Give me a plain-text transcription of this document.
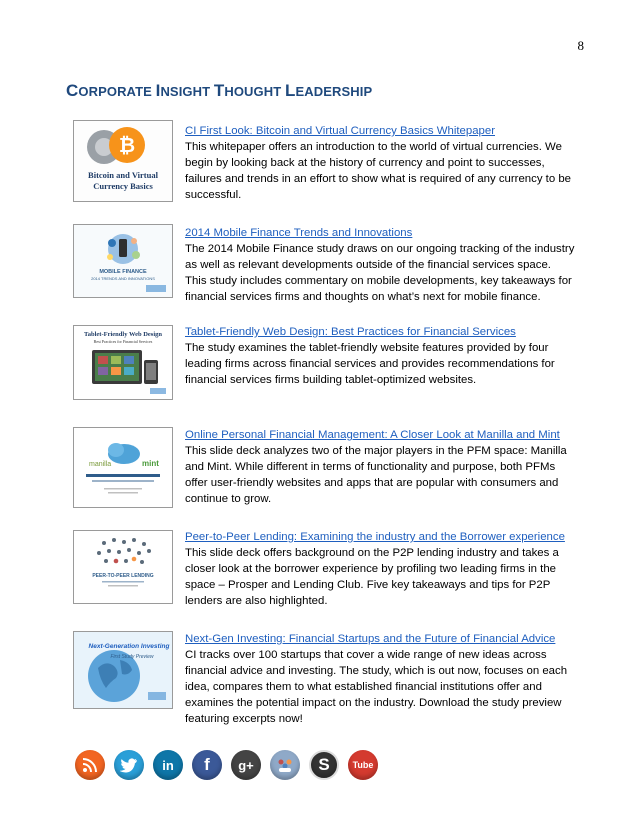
8
CORPORATE INSIGHT THOUGHT LEADERSHIP
₿
Bitcoin and Virtual
Currency Basics
CI First Look: Bitcoin and Virtual Currency Basics Whitepaper

This whitepaper offers an introduction to the world of virtual currencies. We begin by looking back at the history of currency and point to successes, failures and trends in an effort to show what is required of any currency to be successful.

MOBILE FINANCE
2014 TRENDS AND INNOVATIONS
2014 Mobile Finance Trends and Innovations

The 2014 Mobile Finance study draws on our ongoing tracking of the industry as well as relevant developments outside of the financial services space. This study includes commentary on mobile developments, key takeaways for financial services firms and thoughts on what’s next for mobile finance.

Tablet-Friendly Web Design
Best Practices for Financial Services
Tablet-Friendly Web Design: Best Practices for Financial Services

The study examines the tablet-friendly website features provided by four leading firms across financial services and provides recommendations for financial services firms building tablet-optimized websites.

manilla	mint
Online Personal Financial Management: A Closer Look at Manilla and Mint

This slide deck analyzes two of the major players in the PFM space: Manilla and Mint. While different in terms of functionality and purpose, both PFMs offer user-friendly websites and apps that are popular with consumers and continue to grow.

PEER-TO-PEER LENDING
Peer-to-Peer Lending: Examining the industry and the Borrower experience

This slide deck offers background on the P2P lending industry and takes a closer look at the borrower experience by profiling two leading firms in the space – Prosper and Lending Club. Five key takeaways and tips for P2P lenders are also highlighted.

Next-Generation Investing
First Study Preview
Next-Gen Investing: Financial Startups and the Future of Financial Advice

CI tracks over 100 startups that cover a wide range of new ideas across financial advice and investing. The study, which is out now, focuses on each idea, compares them to what established financial institutions offer and examines the potential impact on the industry. Download the study preview featuring excerpts now!

in	f	g+	S	Tube
